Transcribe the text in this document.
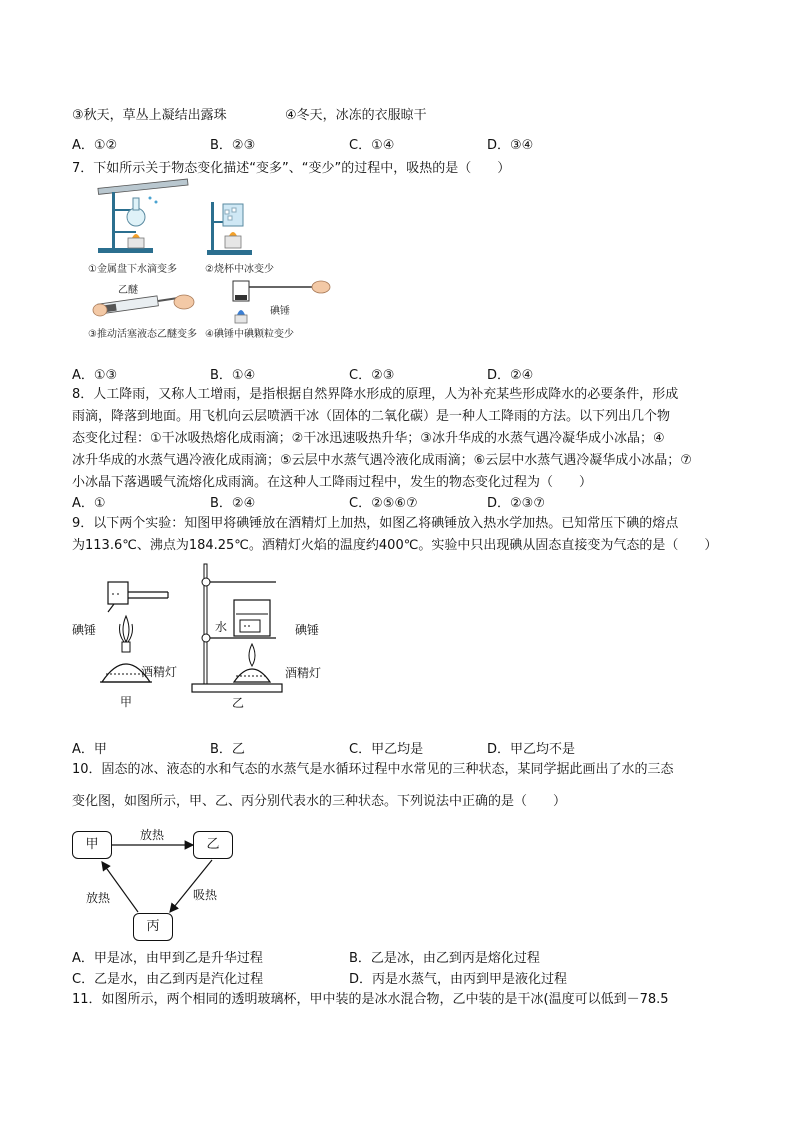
③秋天，草丛上凝结出露珠	④冬天，冰冻的衣服晾干
A．①②	B．②③	C．①④	D．③④
7．下如所示关于物态变化描述“变多”、“变少”的过程中，吸热的是（　　）
①金属盘下水滴变多	②烧杯中冰变少
乙醚
③推动活塞液态乙醚变多
碘锤
④碘锤中碘颗粒变少
A．①③	B．①④	C．②③	D．②④
8．人工降雨，又称人工增雨，是指根据自然界降水形成的原理，人为补充某些形成降水的必要条件，形成
雨滴，降落到地面。用飞机向云层喷洒干冰（固体的二氧化碳）是一种人工降雨的方法。以下列出几个物
态变化过程：①干冰吸热熔化成雨滴；②干冰迅速吸热升华；③冰升华成的水蒸气遇冷凝华成小冰晶；④
冰升华成的水蒸气遇冷液化成雨滴；⑤云层中水蒸气遇冷液化成雨滴；⑥云层中水蒸气遇冷凝华成小冰晶；⑦
小冰晶下落遇暖气流熔化成雨滴。在这种人工降雨过程中，发生的物态变化过程为（　　）
A．①	B．②④	C．②⑤⑥⑦	D．②③⑦
9．以下两个实验：知图甲将碘锤放在酒精灯上加热，如图乙将碘锤放入热水学加热。已知常压下碘的熔点
为113.6℃、沸点为184.25℃。酒精灯火焰的温度约400℃。实验中只出现碘从固态直接变为气态的是（　　）
碘锤
酒精灯
甲
水	碘锤
酒精灯
乙
A．甲	B．乙	C．甲乙均是	D．甲乙均不是
10．固态的冰、液态的水和气态的水蒸气是水循环过程中水常见的三种状态，某同学据此画出了水的三态
变化图，如图所示，甲、乙、丙分别代表水的三种状态。下列说法中正确的是（　　）
甲	乙
丙
放热
吸热
放热
A．甲是冰，由甲到乙是升华过程	B．乙是冰，由乙到丙是熔化过程
C．乙是水，由乙到丙是汽化过程	D．丙是水蒸气，由丙到甲是液化过程
11．如图所示，两个相同的透明玻璃杯，甲中装的是冰水混合物，乙中装的是干冰(温度可以低到－78.5
